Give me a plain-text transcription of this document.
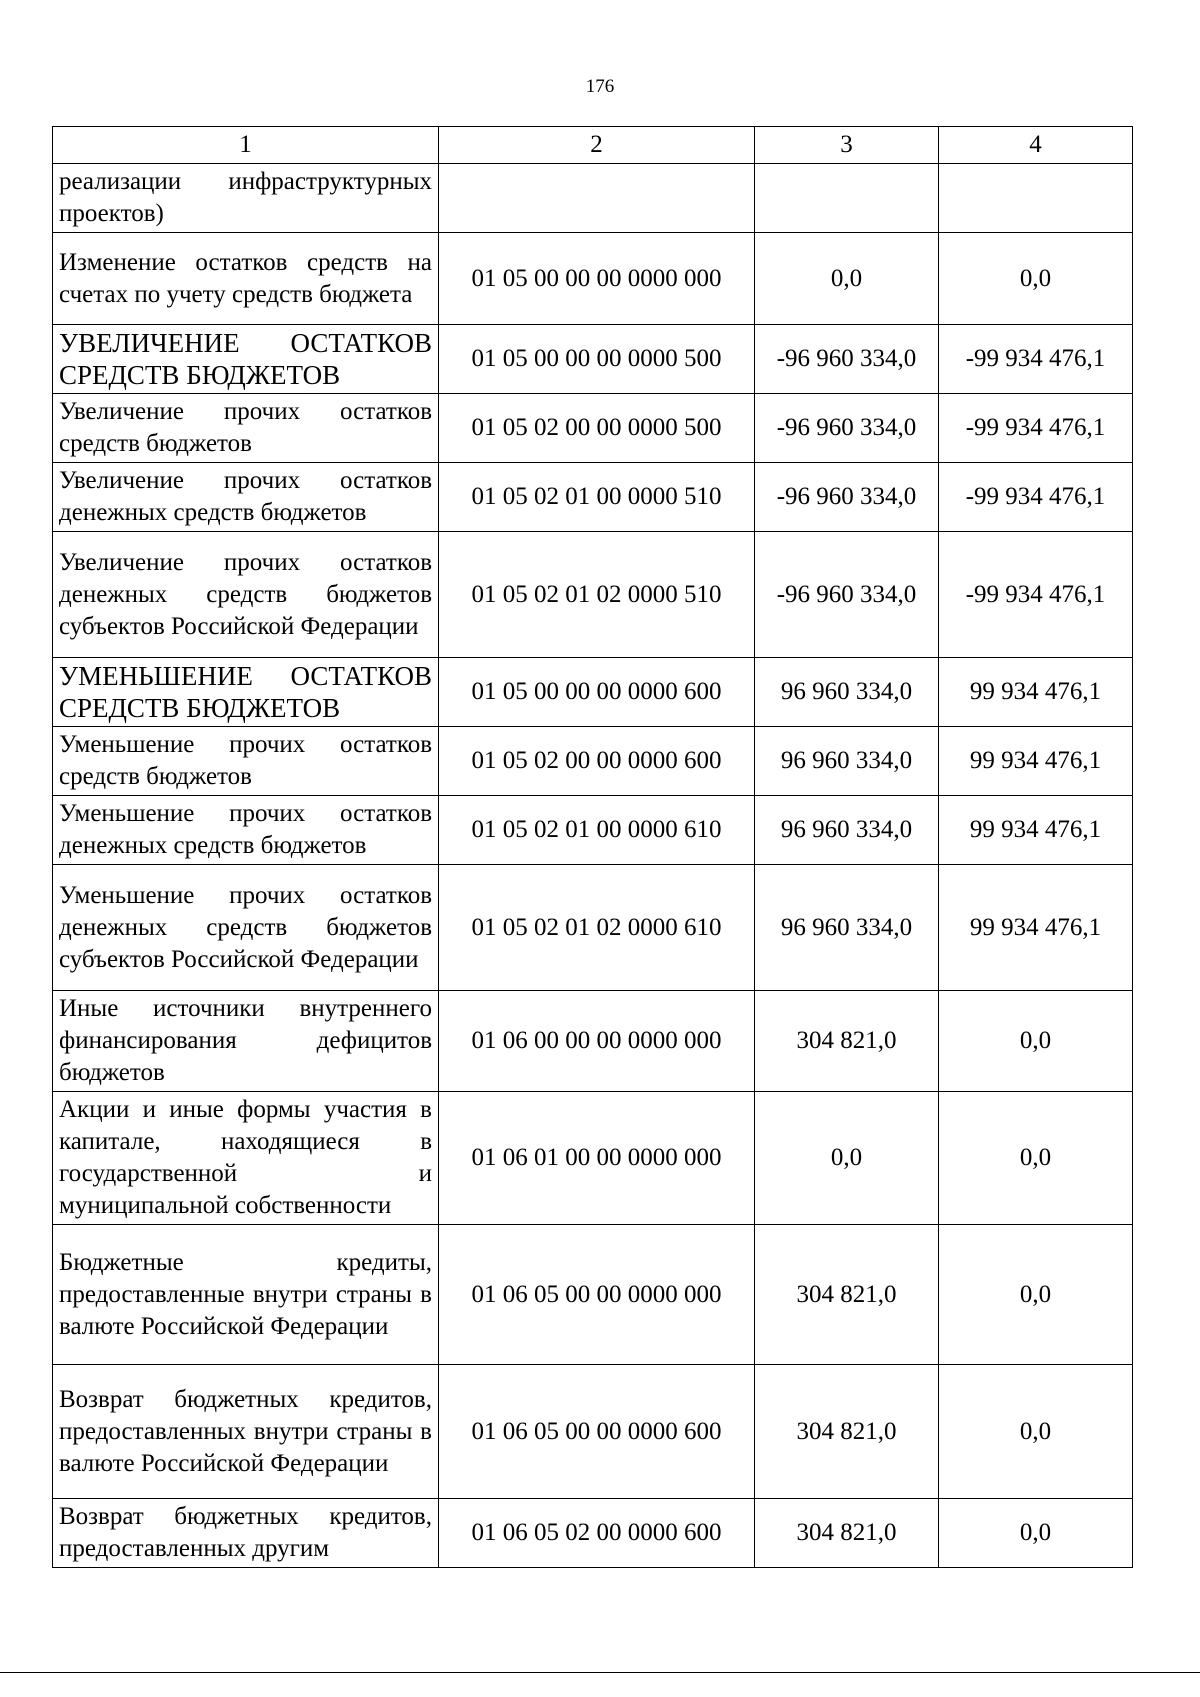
176
1	2	3	4
реализации инфраструктурных проектов)			
Изменение остатков средств на счетах по учету средств бюджета	01 05 00 00 00 0000 000	0,0	0,0
УВЕЛИЧЕНИЕ ОСТАТКОВ СРЕДСТВ БЮДЖЕТОВ	01 05 00 00 00 0000 500	-96 960 334,0	-99 934 476,1
Увеличение прочих остатков средств бюджетов	01 05 02 00 00 0000 500	-96 960 334,0	-99 934 476,1
Увеличение прочих остатков денежных средств бюджетов	01 05 02 01 00 0000 510	-96 960 334,0	-99 934 476,1
Увеличение прочих остатков денежных средств бюджетов субъектов Российской Федерации	01 05 02 01 02 0000 510	-96 960 334,0	-99 934 476,1
УМЕНЬШЕНИЕ ОСТАТКОВ СРЕДСТВ БЮДЖЕТОВ	01 05 00 00 00 0000 600	96 960 334,0	99 934 476,1
Уменьшение прочих остатков средств бюджетов	01 05 02 00 00 0000 600	96 960 334,0	99 934 476,1
Уменьшение прочих остатков денежных средств бюджетов	01 05 02 01 00 0000 610	96 960 334,0	99 934 476,1
Уменьшение прочих остатков денежных средств бюджетов субъектов Российской Федерации	01 05 02 01 02 0000 610	96 960 334,0	99 934 476,1
Иные источники внутреннего финансирования дефицитов бюджетов	01 06 00 00 00 0000 000	304 821,0	0,0
Акции и иные формы участия в капитале, находящиеся в государственной и муниципальной собственности	01 06 01 00 00 0000 000	0,0	0,0
Бюджетные кредиты, предоставленные внутри страны в валюте Российской Федерации	01 06 05 00 00 0000 000	304 821,0	0,0
Возврат бюджетных кредитов, предоставленных внутри страны в валюте Российской Федерации	01 06 05 00 00 0000 600	304 821,0	0,0
Возврат бюджетных кредитов, предоставленных другим	01 06 05 02 00 0000 600	304 821,0	0,0
